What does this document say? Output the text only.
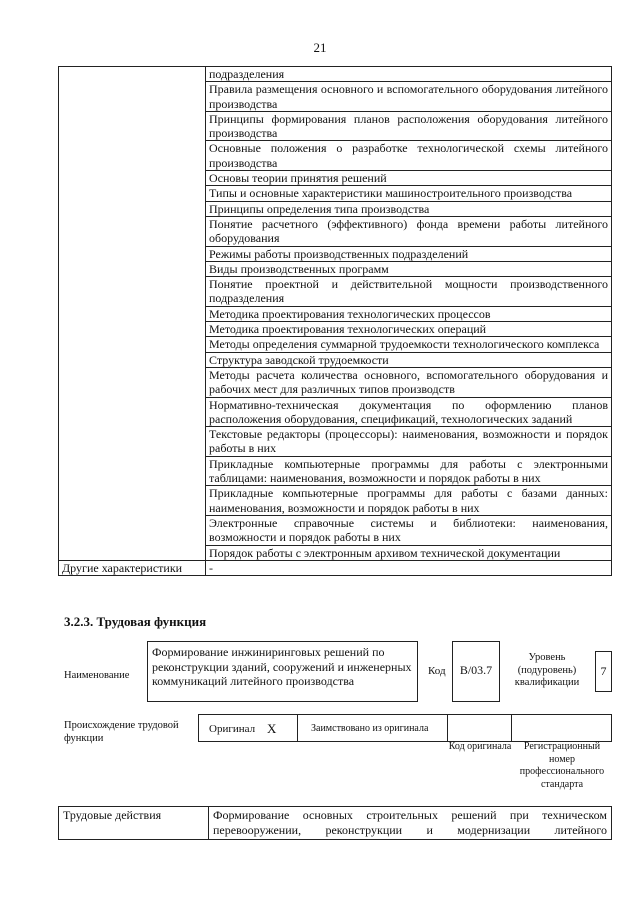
21
	подразделения
	Правила размещения основного и вспомогательного оборудования литейного производства
	Принципы формирования планов расположения оборудования литейного производства
	Основные положения о разработке технологической схемы литейного производства
	Основы теории принятия решений
	Типы и основные характеристики машиностроительного производства
	Принципы определения типа производства
	Понятие расчетного (эффективного) фонда времени работы литейного оборудования
	Режимы работы производственных подразделений
	Виды производственных программ
	Понятие проектной и действительной мощности производственного подразделения
	Методика проектирования технологических процессов
	Методика проектирования технологических операций
	Методы определения суммарной трудоемкости технологического комплекса
	Структура заводской трудоемкости
	Методы расчета количества основного, вспомогательного оборудования и рабочих мест для различных типов производств
	Нормативно-техническая документация по оформлению планов расположения оборудования, спецификаций, технологических заданий
	Текстовые редакторы (процессоры): наименования, возможности и порядок работы в них
	Прикладные компьютерные программы для работы с электронными таблицами: наименования, возможности и порядок работы в них
	Прикладные компьютерные программы для работы с базами данных: наименования, возможности и порядок работы в них
	Электронные справочные системы и библиотеки: наименования, возможности и порядок работы в них
	Порядок работы с электронным архивом технической документации
Другие характеристики	-
3.2.3. Трудовая функция
Наименование
Формирование инжиниринговых решений по реконструкции зданий, сооружений и инженерных коммуникаций литейного производства
Код	B/03.7
Уровень (подуровень) квалификации
7
Происхождение трудовой функции
Оригинал X	Заимствовано из оригинала
Код оригинала	Регистрационный номер профессионального стандарта
Трудовые действия	Формирование основных строительных решений при техническом перевооружении, реконструкции и модернизации литейного
